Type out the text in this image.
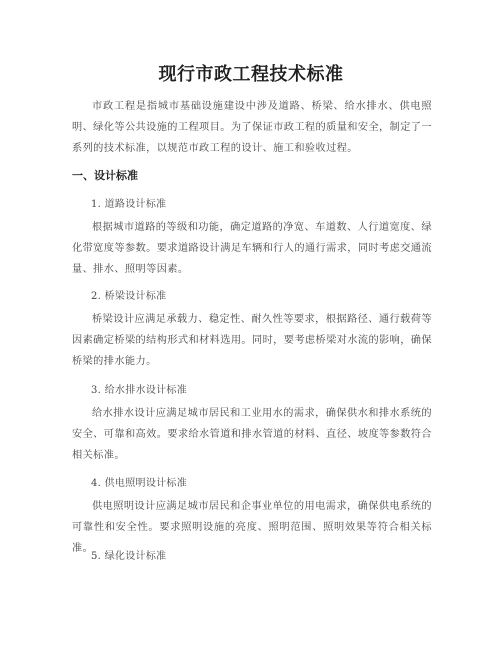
现行市政工程技术标准
市政工程是指城市基础设施建设中涉及道路、桥梁、给水排水、供电照明、绿化等公共设施的工程项目。为了保证市政工程的质量和安全，制定了一系列的技术标准，以规范市政工程的设计、施工和验收过程。
一、设计标准
1. 道路设计标准
根据城市道路的等级和功能，确定道路的净宽、车道数、人行道宽度、绿化带宽度等参数。要求道路设计满足车辆和行人的通行需求，同时考虑交通流量、排水、照明等因素。
2. 桥梁设计标准
桥梁设计应满足承载力、稳定性、耐久性等要求，根据路径、通行载荷等因素确定桥梁的结构形式和材料选用。同时，要考虑桥梁对水流的影响，确保桥梁的排水能力。
3. 给水排水设计标准
给水排水设计应满足城市居民和工业用水的需求，确保供水和排水系统的安全、可靠和高效。要求给水管道和排水管道的材料、直径、坡度等参数符合相关标准。
4. 供电照明设计标准
供电照明设计应满足城市居民和企事业单位的用电需求，确保供电系统的可靠性和安全性。要求照明设施的亮度、照明范围、照明效果等符合相关标准。
5. 绿化设计标准
